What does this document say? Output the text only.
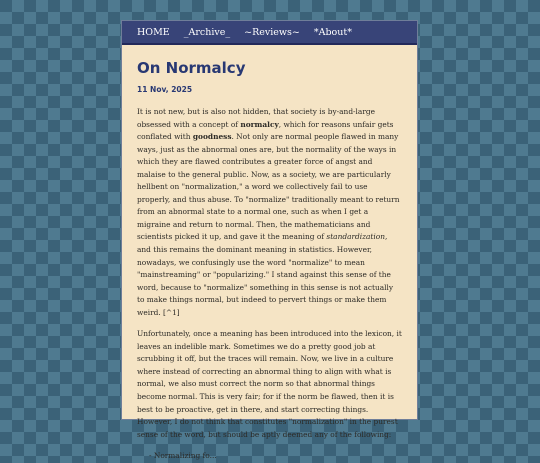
HOME _Archive_ ~Reviews~ *About*
On Normalcy
11 Nov, 2025

It is not new, but is also not hidden, that society is by-and-large obsessed with a concept of normalcy, which for reasons unfair gets conflated with goodness. Not only are normal people flawed in many ways, just as the abnormal ones are, but the normality of the ways in which they are flawed contributes a greater force of angst and malaise to the general public. Now, as a society, we are particularly hellbent on "normalization," a word we collectively fail to use properly, and thus abuse. To "normalize" traditionally meant to return from an abnormal state to a normal one, such as when I get a migraine and return to normal. Then, the mathematicians and scientists picked it up, and gave it the meaning of standardization, and this remains the dominant meaning in statistics. However, nowadays, we confusingly use the word "normalize" to mean "mainstreaming" or "popularizing." I stand against this sense of the word, because to "normalize" something in this sense is not actually to make things normal, but indeed to pervert things or make them weird. [^1]

Unfortunately, once a meaning has been introduced into the lexicon, it leaves an indelible mark. Sometimes we do a pretty good job at scrubbing it off, but the traces will remain. Now, we live in a culture where instead of correcting an abnormal thing to align with what is normal, we also must correct the norm so that abnormal things become normal. This is very fair; for if the norm be flawed, then it is best to be proactive, get in there, and start correcting things. However, I do not think that constitutes "normalization" in the purest sense of the word, but should be aptly deemed any of the following:

- Normalizing fo...
